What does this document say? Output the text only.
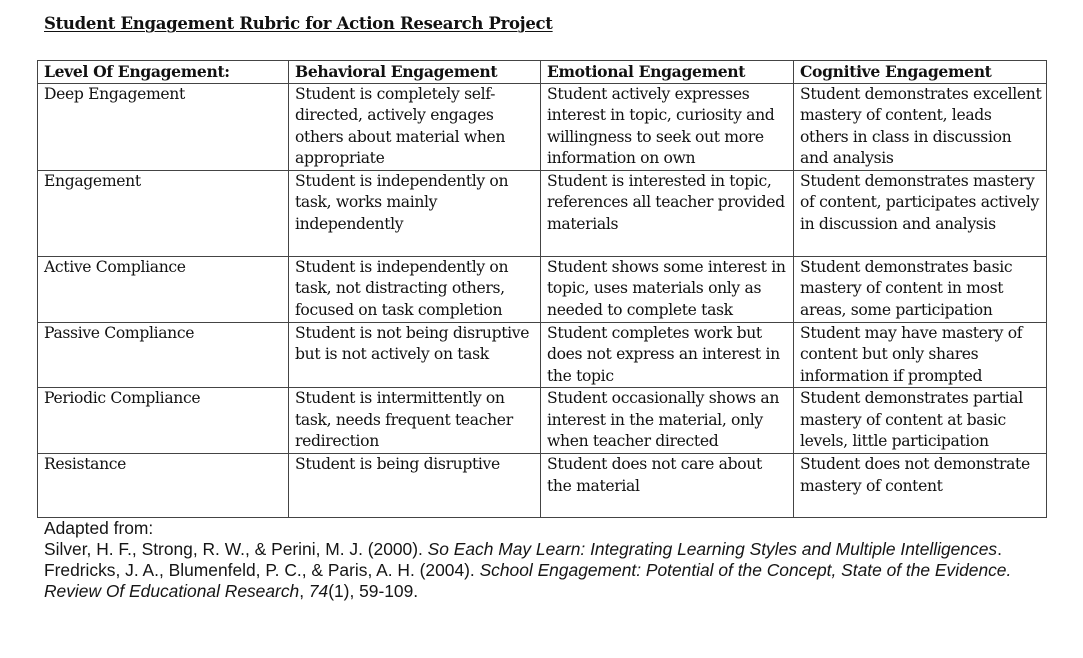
Student Engagement Rubric for Action Research Project
Level Of Engagement:	Behavioral Engagement	Emotional Engagement	Cognitive Engagement
Deep Engagement	Student is completely self-directed, actively engages others about material when appropriate	Student actively expresses interest in topic, curiosity and willingness to seek out more information on own	Student demonstrates excellent mastery of content, leads others in class in discussion and analysis
Engagement	Student is independently on task, works mainly independently	Student is interested in topic, references all teacher provided materials	Student demonstrates mastery of content, participates actively in discussion and analysis
Active Compliance	Student is independently on task, not distracting others, focused on task completion	Student shows some interest in topic, uses materials only as needed to complete task	Student demonstrates basic mastery of content in most areas, some participation
Passive Compliance	Student is not being disruptive but is not actively on task	Student completes work but does not express an interest in the topic	Student may have mastery of content but only shares information if prompted
Periodic Compliance	Student is intermittently on task, needs frequent teacher redirection	Student occasionally shows an interest in the material, only when teacher directed	Student demonstrates partial mastery of content at basic levels, little participation
Resistance	Student is being disruptive	Student does not care about the material	Student does not demonstrate mastery of content

Adapted from:

Silver, H. F., Strong, R. W., & Perini, M. J. (2000). So Each May Learn: Integrating Learning Styles and Multiple Intelligences.

Fredricks, J. A., Blumenfeld, P. C., & Paris, A. H. (2004). School Engagement: Potential of the Concept, State of the Evidence. Review Of Educational Research, 74(1), 59-109.
